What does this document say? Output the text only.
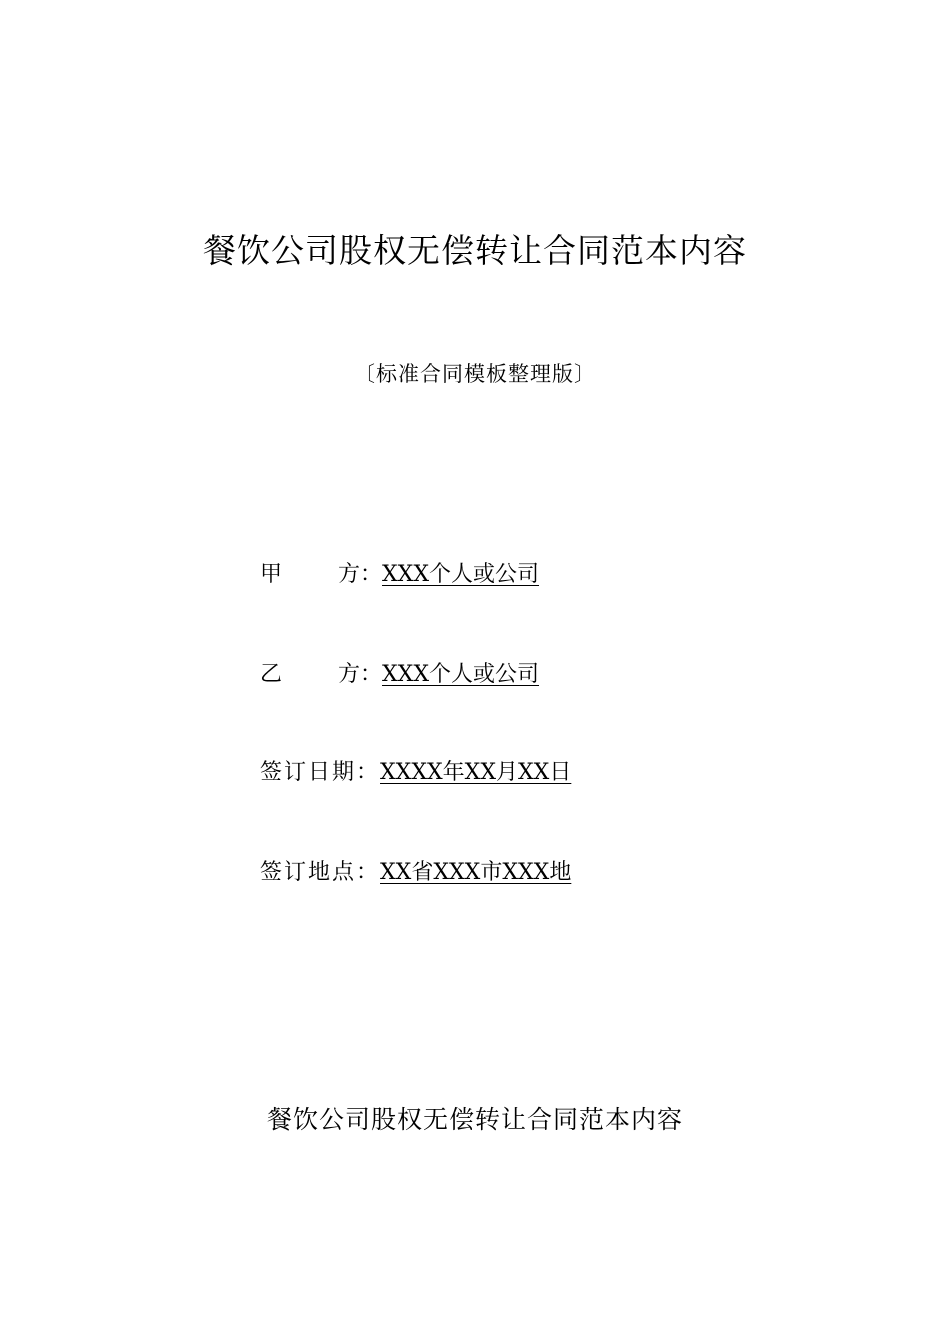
餐饮公司股权无偿转让合同范本内容
〔标准合同模板整理版〕
甲	方：XXX个人或公司
乙	方：XXX个人或公司
签订日期：XXXX年XX月XX日
签订地点：XX省XXX市XXX地
餐饮公司股权无偿转让合同范本内容
